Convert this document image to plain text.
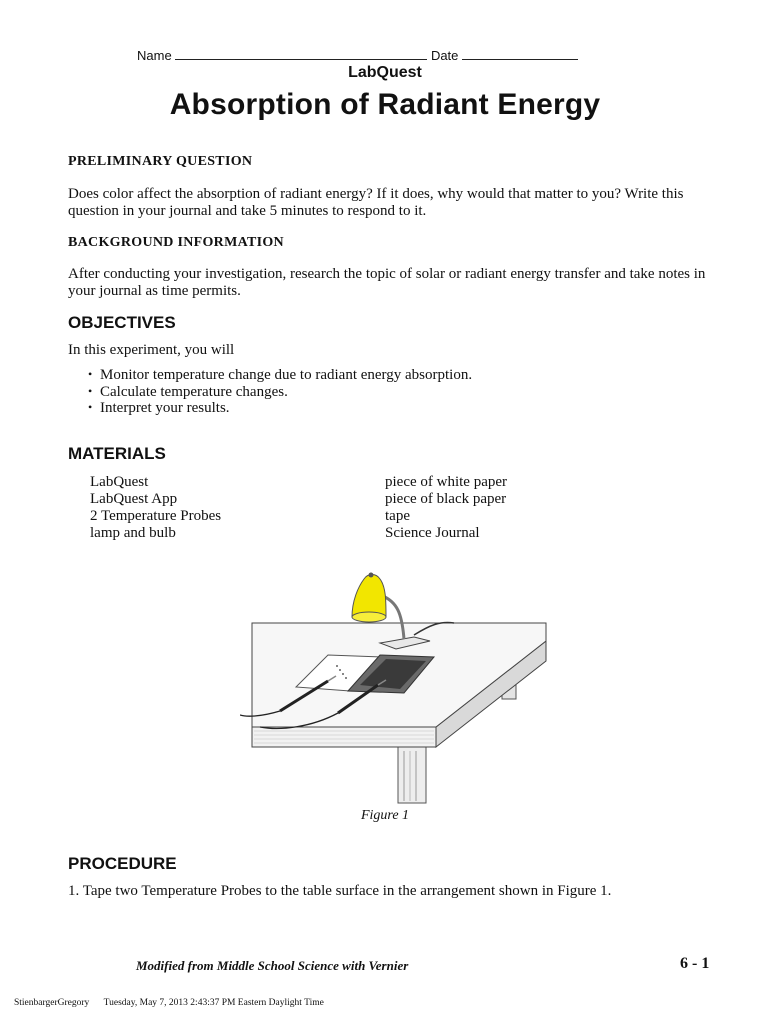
Name	Date
LabQuest
Absorption of Radiant Energy
PRELIMINARY QUESTION
Does color affect the absorption of radiant energy? If it does, why would that matter to you? Write this
question in your journal and take 5 minutes to respond to it.
BACKGROUND INFORMATION
After conducting your investigation, research the topic of solar or radiant energy transfer and take notes in
your journal as time permits.
OBJECTIVES
In this experiment, you will
• Monitor temperature change due to radiant energy absorption.
• Calculate temperature changes.
• Interpret your results.
MATERIALS
LabQuest
LabQuest App
2 Temperature Probes
lamp and bulb
piece of white paper
piece of black paper
tape
Science Journal
Figure 1
PROCEDURE
1. Tape two Temperature Probes to the table surface in the arrangement shown in Figure 1.
Modified from Middle School Science with Vernier	6 - 1
StienbargerGregory Tuesday, May 7, 2013 2:43:37 PM Eastern Daylight Time
